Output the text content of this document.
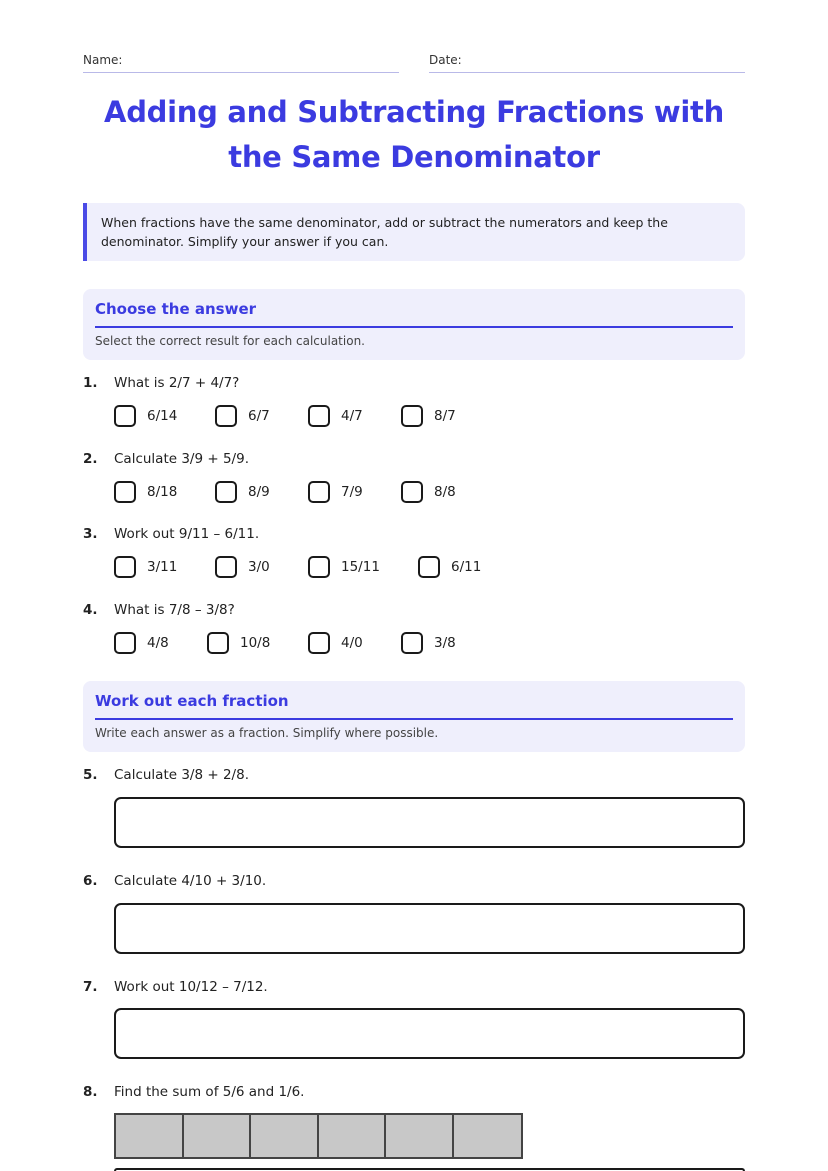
Name:	Date:
Adding and Subtracting Fractions with the Same Denominator
When fractions have the same denominator, add or subtract the numerators and keep the denominator. Simplify your answer if you can.
Choose the answer
Select the correct result for each calculation.
1. What is 2/7 + 4/7?
6/14	6/7	4/7	8/7
2. Calculate 3/9 + 5/9.
8/18	8/9	7/9	8/8
3. Work out 9/11 – 6/11.
3/11	3/0	15/11	6/11
4. What is 7/8 – 3/8?
4/8	10/8	4/0	3/8
Work out each fraction
Write each answer as a fraction. Simplify where possible.
5. Calculate 3/8 + 2/8.
6. Calculate 4/10 + 3/10.
7. Work out 10/12 – 7/12.
8. Find the sum of 5/6 and 1/6.
